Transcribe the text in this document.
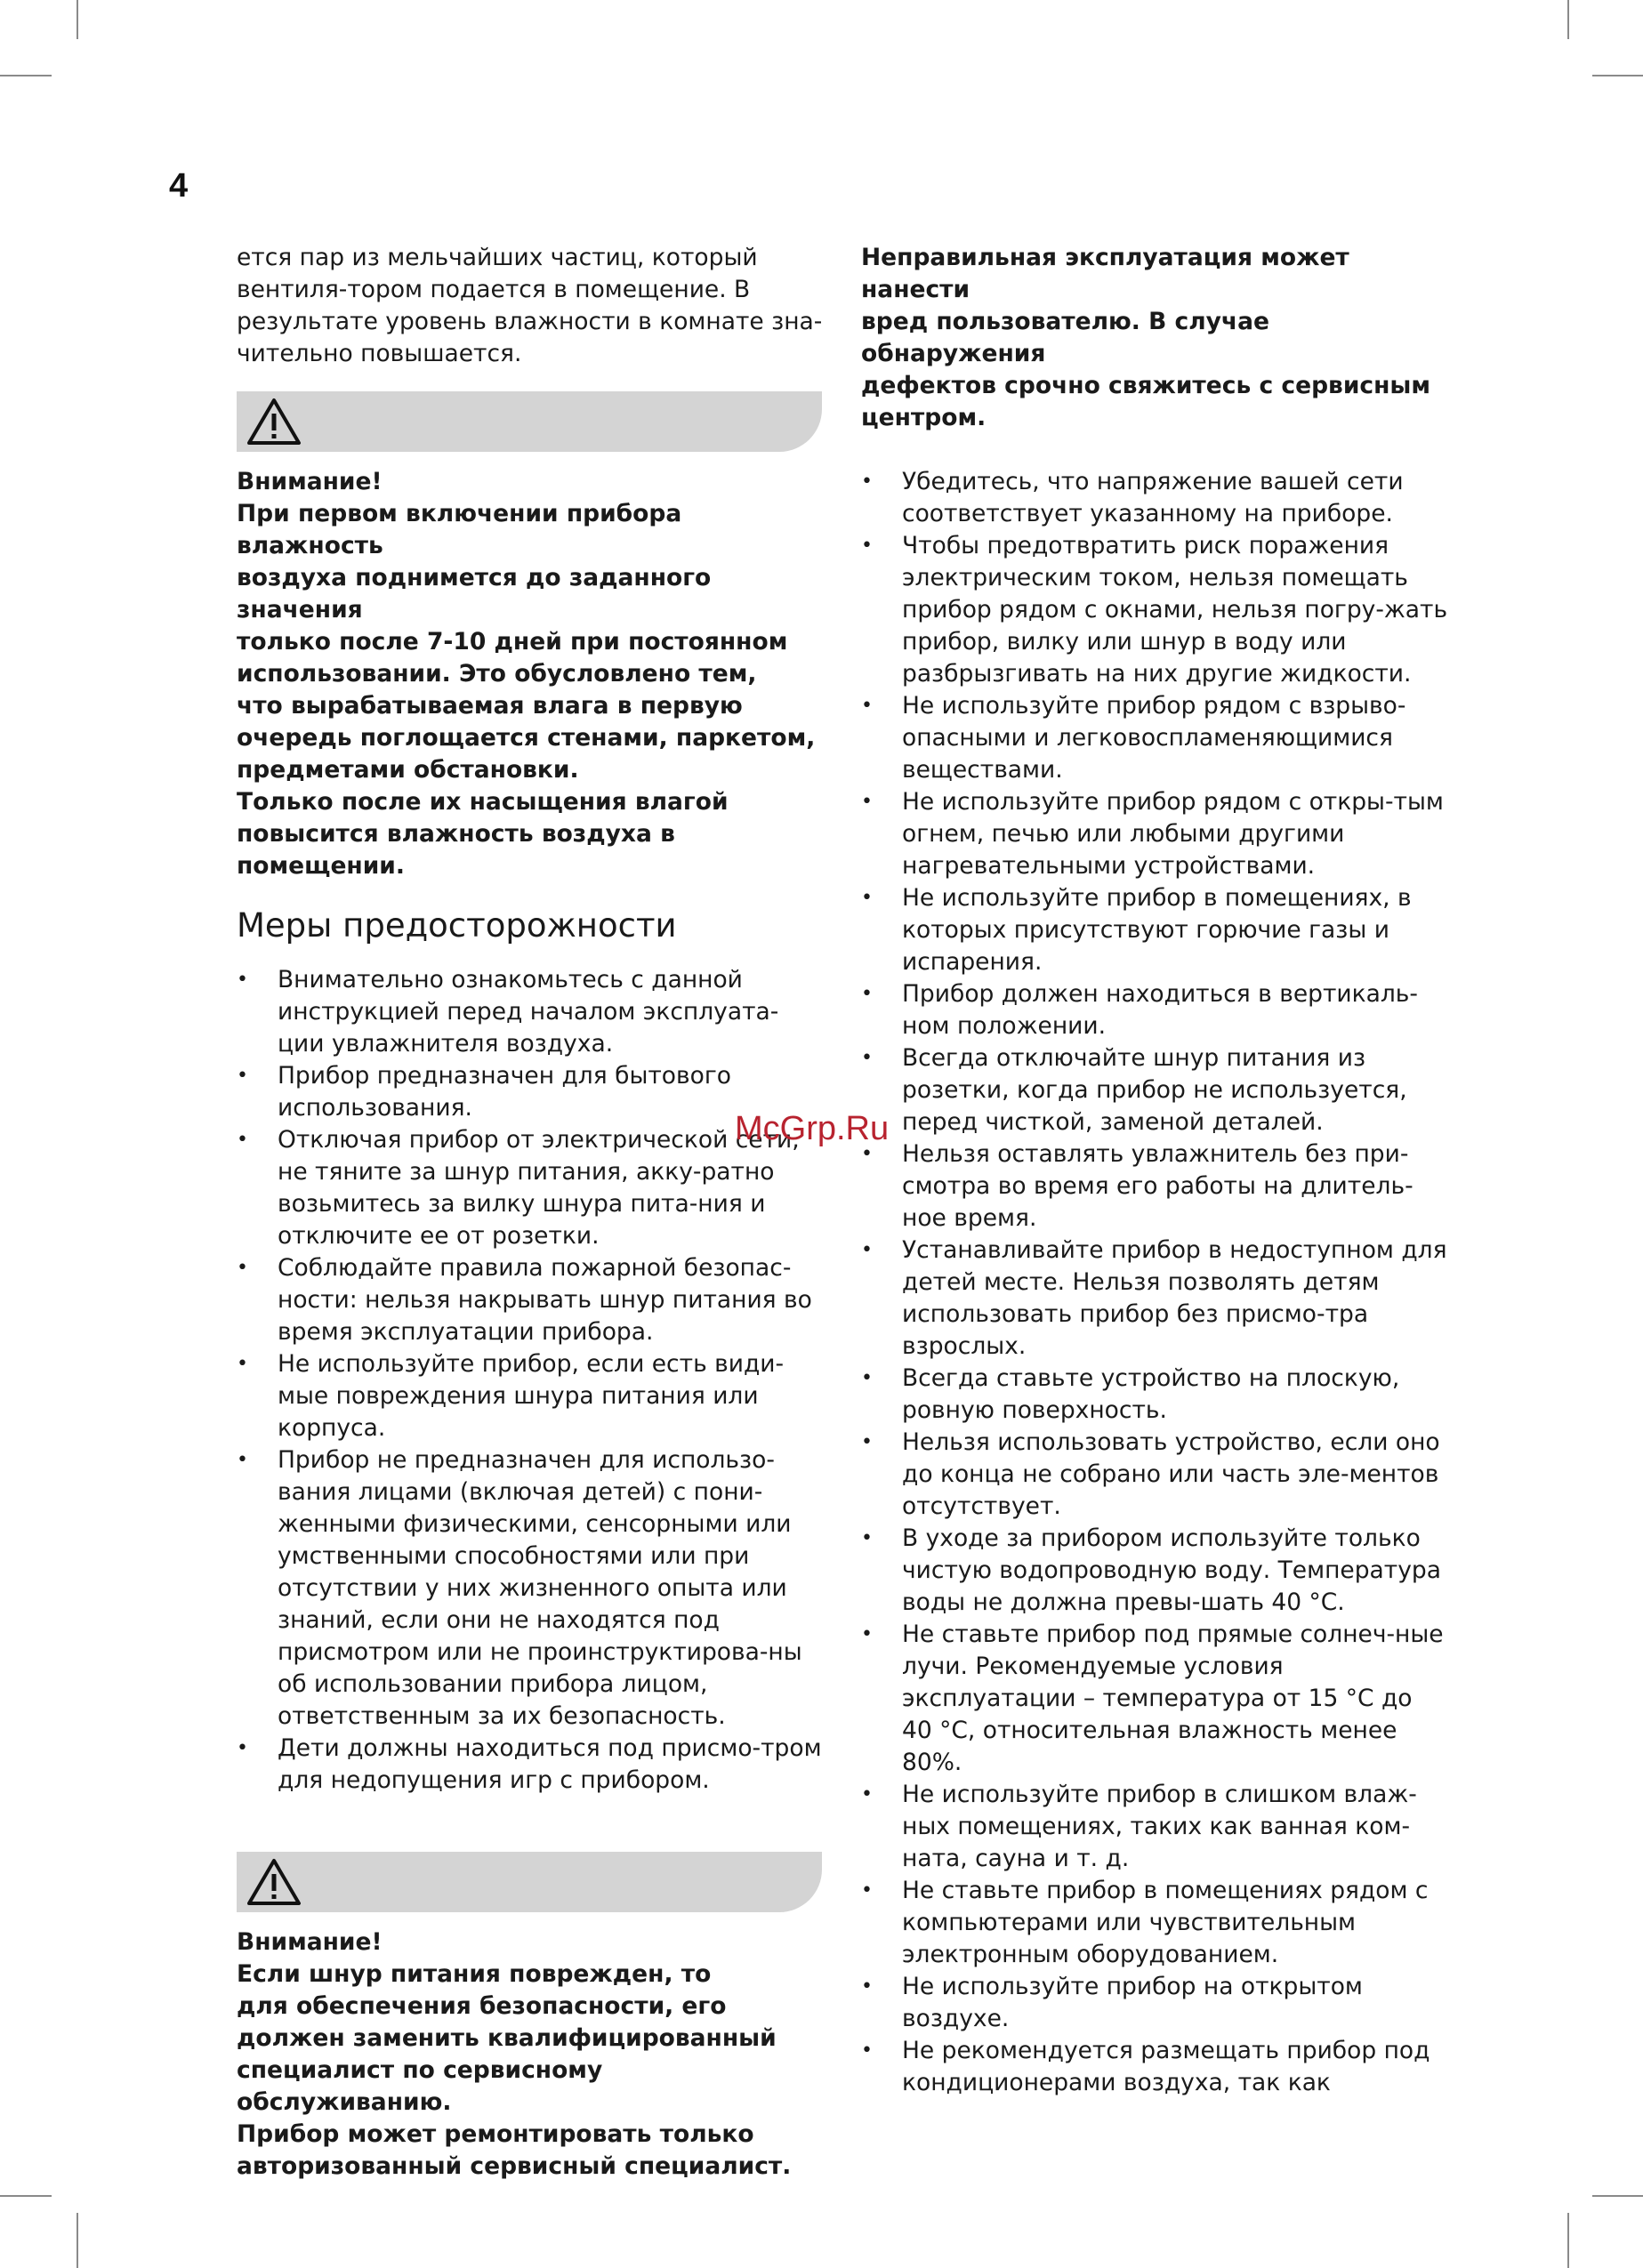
4

ется пар из мельчайших частиц, который вентиля-тором подается в помещение. В результате уровень влажности в комнате зна-чительно повышается.

Внимание!

При первом включении прибора влажность

воздуха поднимется до заданного значения

только после 7-10 дней при постоянном

использовании. Это обусловлено тем,

что вырабатываемая влага в первую

очередь поглощается стенами, паркетом,

предметами обстановки.

Только после их насыщения влагой

повысится влажность воздуха в помещении.

Меры предосторожности
• Внимательно ознакомьтесь с данной инструкцией перед началом эксплуата-ции увлажнителя воздуха.
• Прибор предназначен для бытового использования.
• Отключая прибор от электрической сети, не тяните за шнур питания, акку-ратно возьмитесь за вилку шнура пита-ния и отключите ее от розетки.
• Соблюдайте правила пожарной безопас-ности: нельзя накрывать шнур питания во время эксплуатации прибора.
• Не используйте прибор, если есть види-мые повреждения шнура питания или корпуса.
• Прибор не предназначен для использо-вания лицами (включая детей) с пони-женными физическими, сенсорными или умственными способностями или при отсутствии у них жизненного опыта или знаний, если они не находятся под присмотром или не проинструктирова-ны об использовании прибора лицом, ответственным за их безопасность.
• Дети должны находиться под присмо-тром для недопущения игр с прибором.

Внимание!

Если шнур питания поврежден, то

для обеспечения безопасности, его

должен заменить квалифицированный

специалист по сервисному обслуживанию.

Прибор может ремонтировать только

авторизованный сервисный специалист.

Неправильная эксплуатация может нанести

вред пользователю. В случае обнаружения

дефектов срочно свяжитесь с сервисным

центром.

• Убедитесь, что напряжение вашей сети соответствует указанному на приборе.
• Чтобы предотвратить риск поражения электрическим током, нельзя помещать прибор рядом с окнами, нельзя погру-жать прибор, вилку или шнур в воду или разбрызгивать на них другие жидкости.
• Не используйте прибор рядом с взрыво-опасными и легковоспламеняющимися веществами.
• Не используйте прибор рядом с откры-тым огнем, печью или любыми другими нагревательными устройствами.
• Не используйте прибор в помещениях, в которых присутствуют горючие газы и испарения.
• Прибор должен находиться в вертикаль-ном положении.
• Всегда отключайте шнур питания из розетки, когда прибор не используется, перед чисткой, заменой деталей.
• Нельзя оставлять увлажнитель без при-смотра во время его работы на длитель-ное время.
• Устанавливайте прибор в недоступном для детей месте. Нельзя позволять детям использовать прибор без присмо-тра взрослых.
• Всегда ставьте устройство на плоскую, ровную поверхность.
• Нельзя использовать устройство, если оно до конца не собрано или часть эле-ментов отсутствует.
• В уходе за прибором используйте только чистую водопроводную воду. Температура воды не должна превы-шать 40 °С.
• Не ставьте прибор под прямые солнеч-ные лучи. Рекомендуемые условия эксплуатации – температура от 15 °С до 40 °С, относительная влажность менее 80%.
• Не используйте прибор в слишком влаж-ных помещениях, таких как ванная ком-ната, сауна и т. д.
• Не ставьте прибор в помещениях рядом с компьютерами или чувствительным электронным оборудованием.
• Не используйте прибор на открытом воздухе.
• Не рекомендуется размещать прибор под кондиционерами воздуха, так как
McGrp.Ru
